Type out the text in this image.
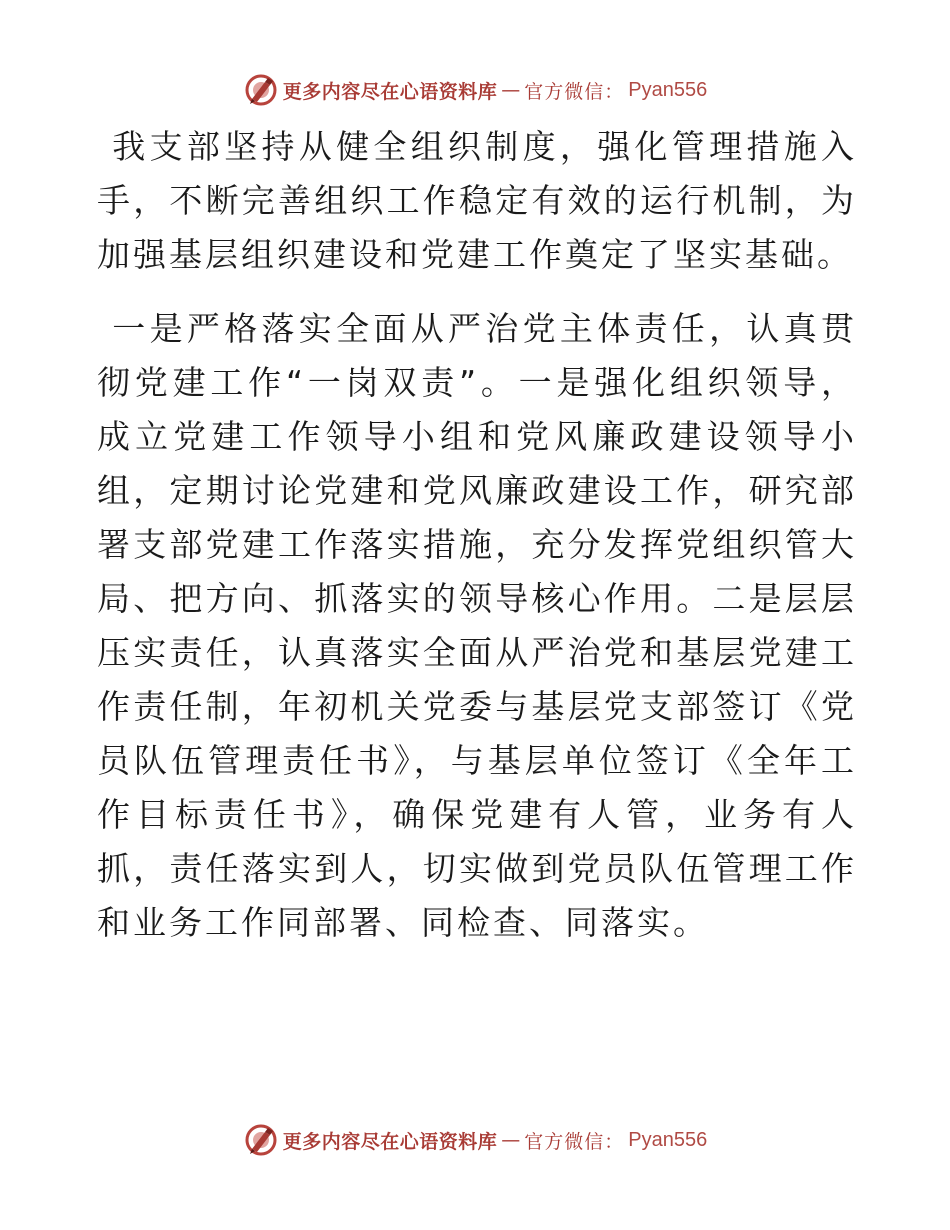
更多内容尽在心语资料库 — 官方微信： Pyan556

我支部坚持从健全组织制度，强化管理措施入手，不断完善组织工作稳定有效的运行机制，为加强基层组织建设和党建工作奠定了坚实基础。

一是严格落实全面从严治党主体责任，认真贯彻党建工作“一岗双责”。一是强化组织领导，成立党建工作领导小组和党风廉政建设领导小组，定期讨论党建和党风廉政建设工作，研究部署支部党建工作落实措施，充分发挥党组织管大局、把方向、抓落实的领导核心作用。二是层层压实责任，认真落实全面从严治党和基层党建工作责任制，年初机关党委与基层党支部签订《党员队伍管理责任书》，与基层单位签订《全年工作目标责任书》，确保党建有人管，业务有人抓，责任落实到人，切实做到党员队伍管理工作和业务工作同部署、同检查、同落实。

更多内容尽在心语资料库 — 官方微信： Pyan556
